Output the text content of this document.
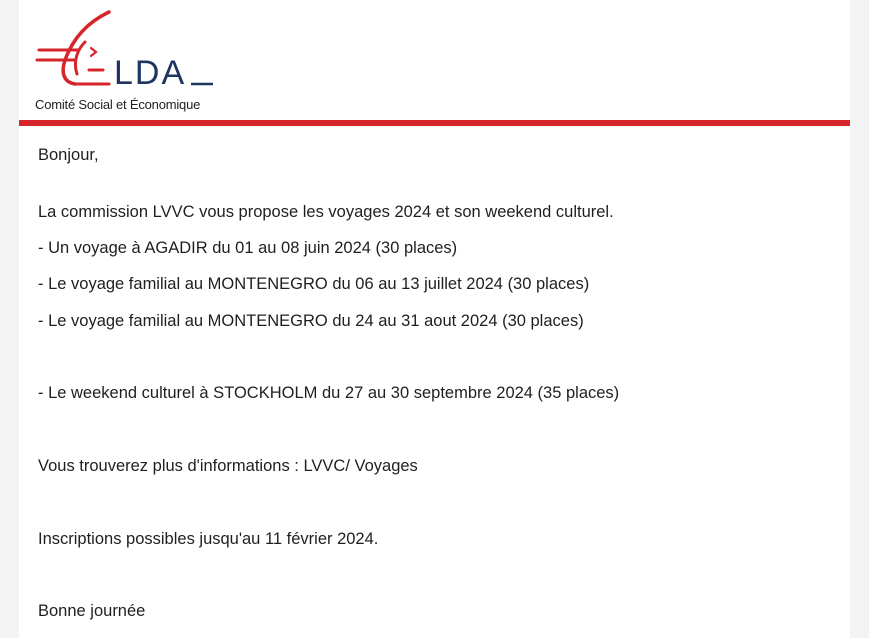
LDA
Comité Social et Économique
Bonjour,
La commission LVVC vous propose les voyages 2024 et son weekend culturel.
- Un voyage à AGADIR du 01 au 08 juin 2024 (30 places)
- Le voyage familial au MONTENEGRO du 06 au 13 juillet 2024 (30 places)
- Le voyage familial au MONTENEGRO du 24 au 31 aout 2024 (30 places)
- Le weekend culturel à STOCKHOLM du 27 au 30 septembre 2024 (35 places)
Vous trouverez plus d'informations : LVVC/ Voyages
Inscriptions possibles jusqu'au 11 février 2024.
Bonne journée
